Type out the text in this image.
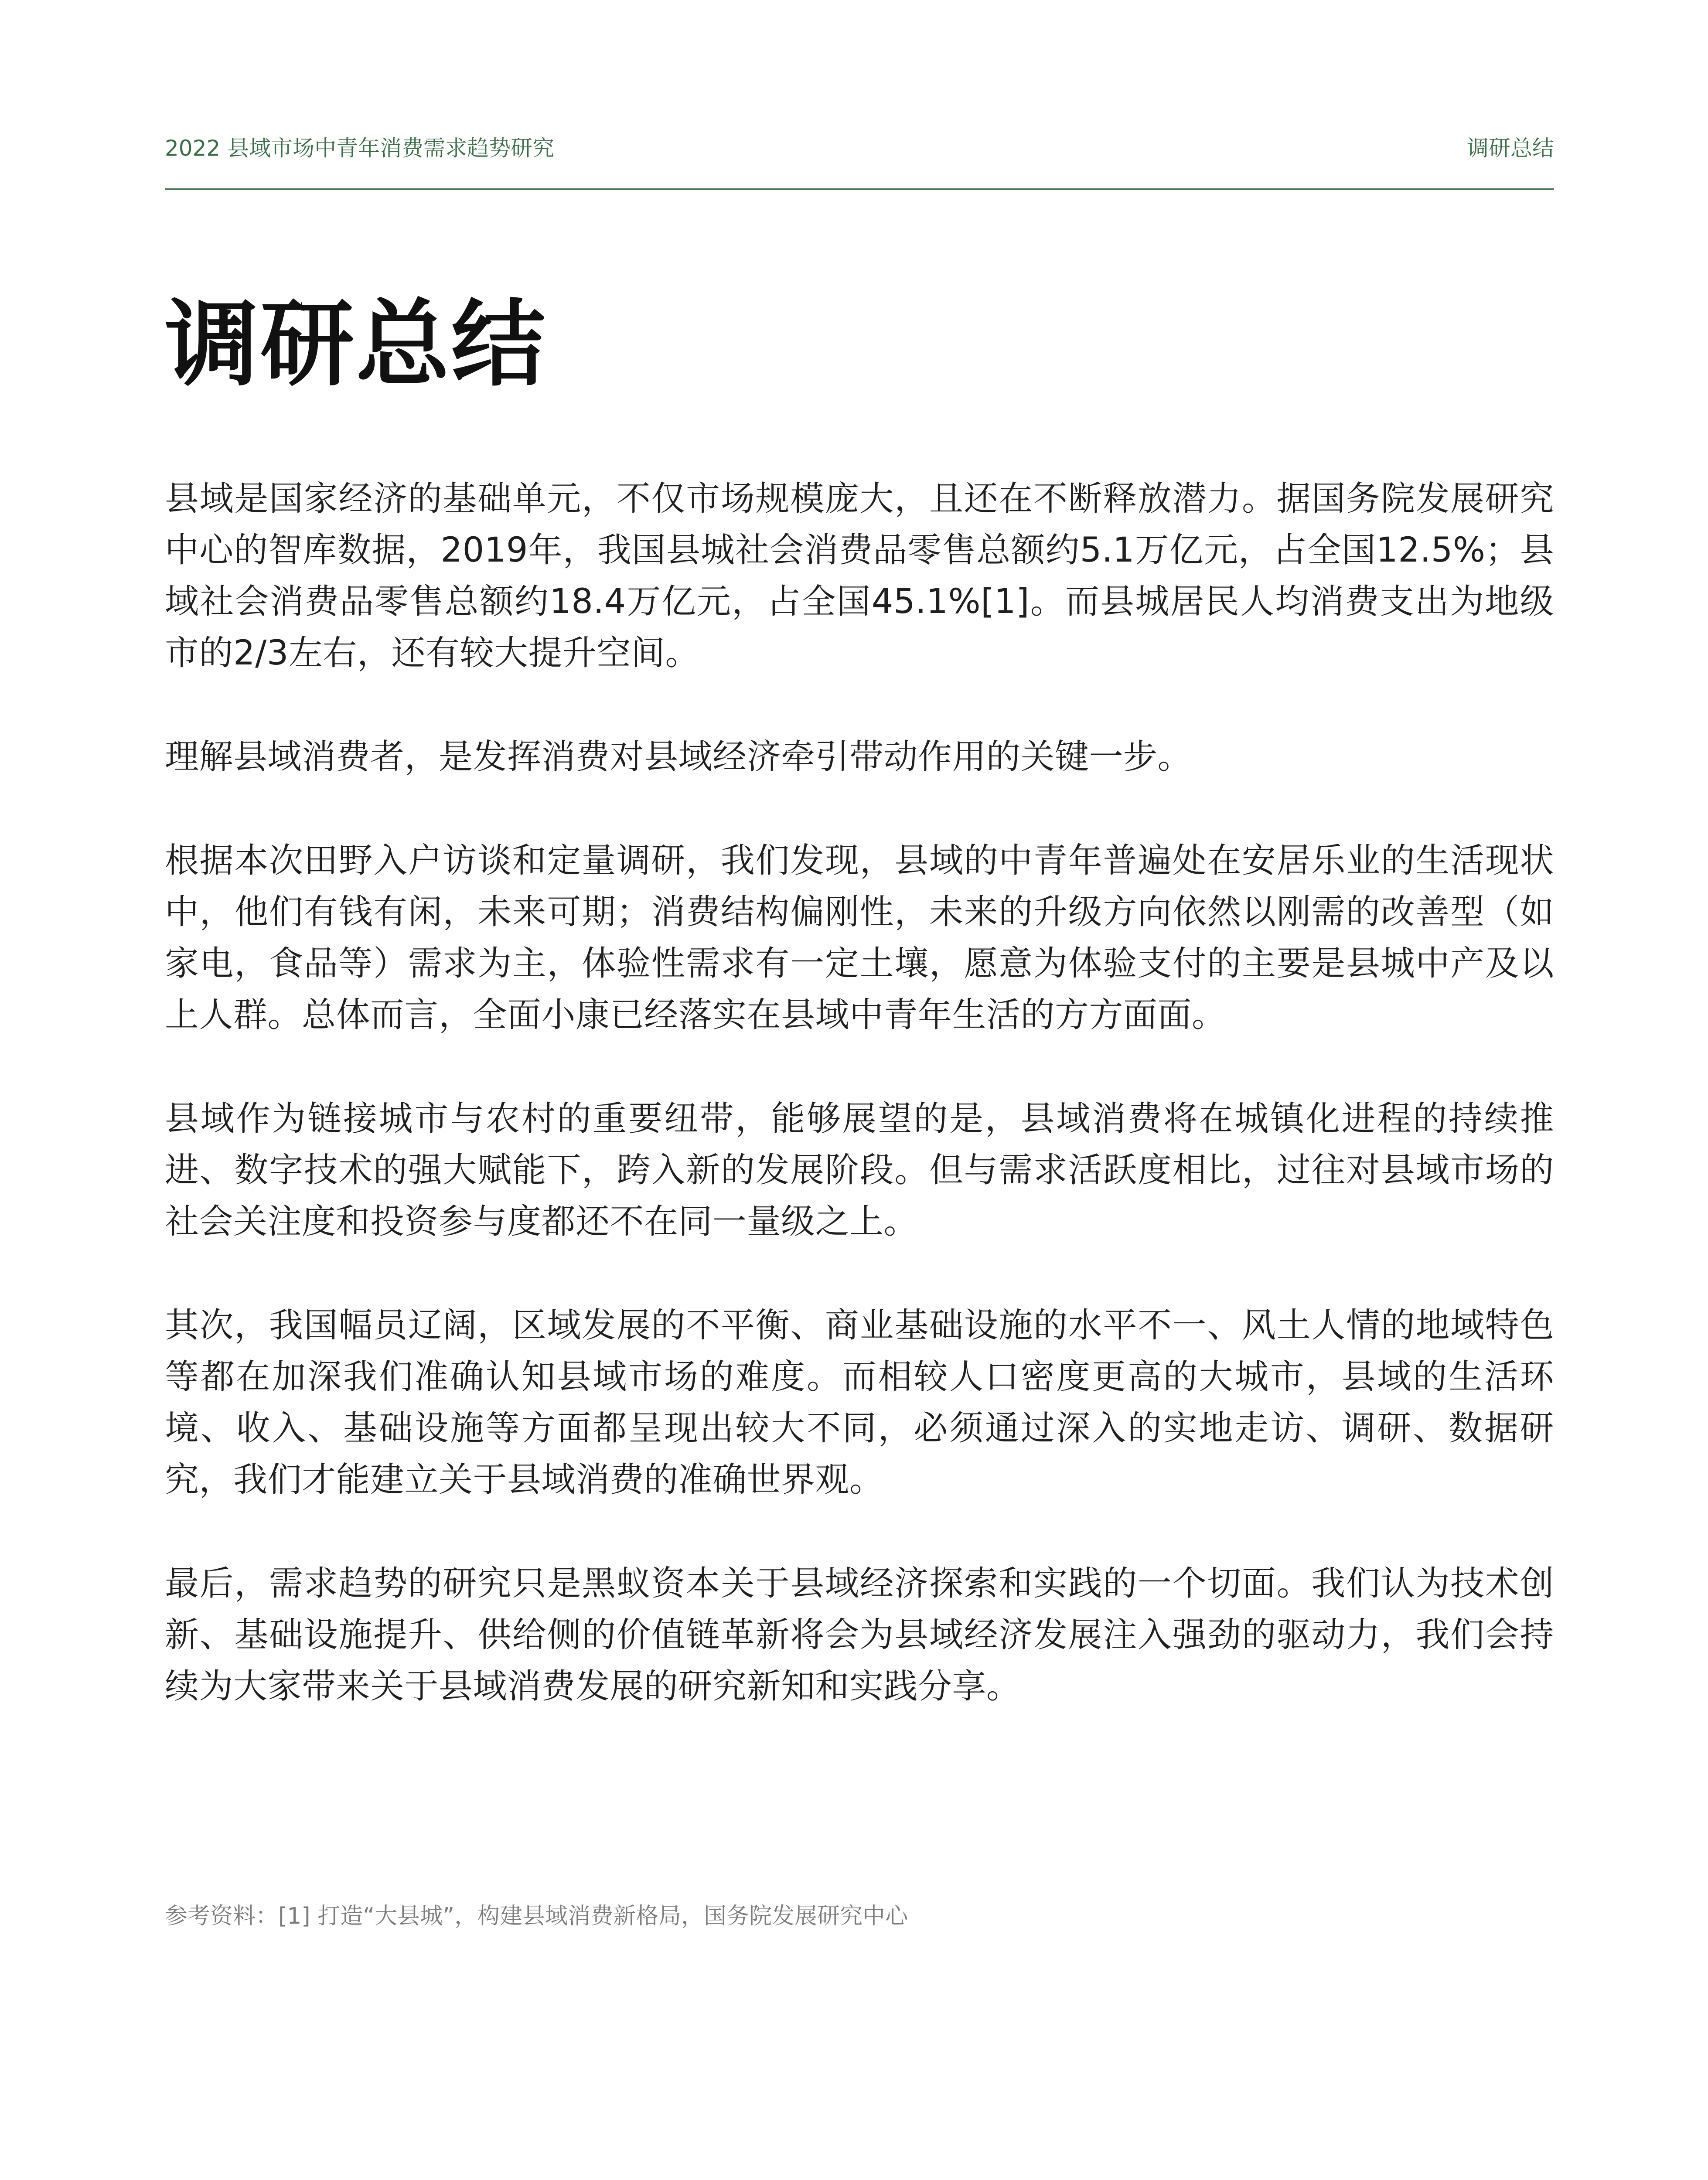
2022 县域市场中青年消费需求趋势研究	调研总结
调研总结

县域是国家经济的基础单元，不仅市场规模庞大，且还在不断释放潜力。据国务院发展研究中心的智库数据，2019年，我国县城社会消费品零售总额约5.1万亿元，占全国12.5%；县域社会消费品零售总额约18.4万亿元，占全国45.1%[1]。而县城居民人均消费支出为地级市的2/3左右，还有较大提升空间。

理解县域消费者，是发挥消费对县域经济牵引带动作用的关键一步。

根据本次田野入户访谈和定量调研，我们发现，县域的中青年普遍处在安居乐业的生活现状中，他们有钱有闲，未来可期；消费结构偏刚性，未来的升级方向依然以刚需的改善型（如家电，食品等）需求为主，体验性需求有一定土壤，愿意为体验支付的主要是县城中产及以上人群。总体而言，全面小康已经落实在县域中青年生活的方方面面。

县域作为链接城市与农村的重要纽带，能够展望的是，县域消费将在城镇化进程的持续推进、数字技术的强大赋能下，跨入新的发展阶段。但与需求活跃度相比，过往对县域市场的社会关注度和投资参与度都还不在同一量级之上。

其次，我国幅员辽阔，区域发展的不平衡、商业基础设施的水平不一、风土人情的地域特色等都在加深我们准确认知县域市场的难度。而相较人口密度更高的大城市，县域的生活环境、收入、基础设施等方面都呈现出较大不同，必须通过深入的实地走访、调研、数据研究，我们才能建立关于县域消费的准确世界观。

最后，需求趋势的研究只是黑蚁资本关于县域经济探索和实践的一个切面。我们认为技术创新、基础设施提升、供给侧的价值链革新将会为县域经济发展注入强劲的驱动力，我们会持续为大家带来关于县域消费发展的研究新知和实践分享。

参考资料：[1] 打造“大县城”，构建县域消费新格局，国务院发展研究中心
